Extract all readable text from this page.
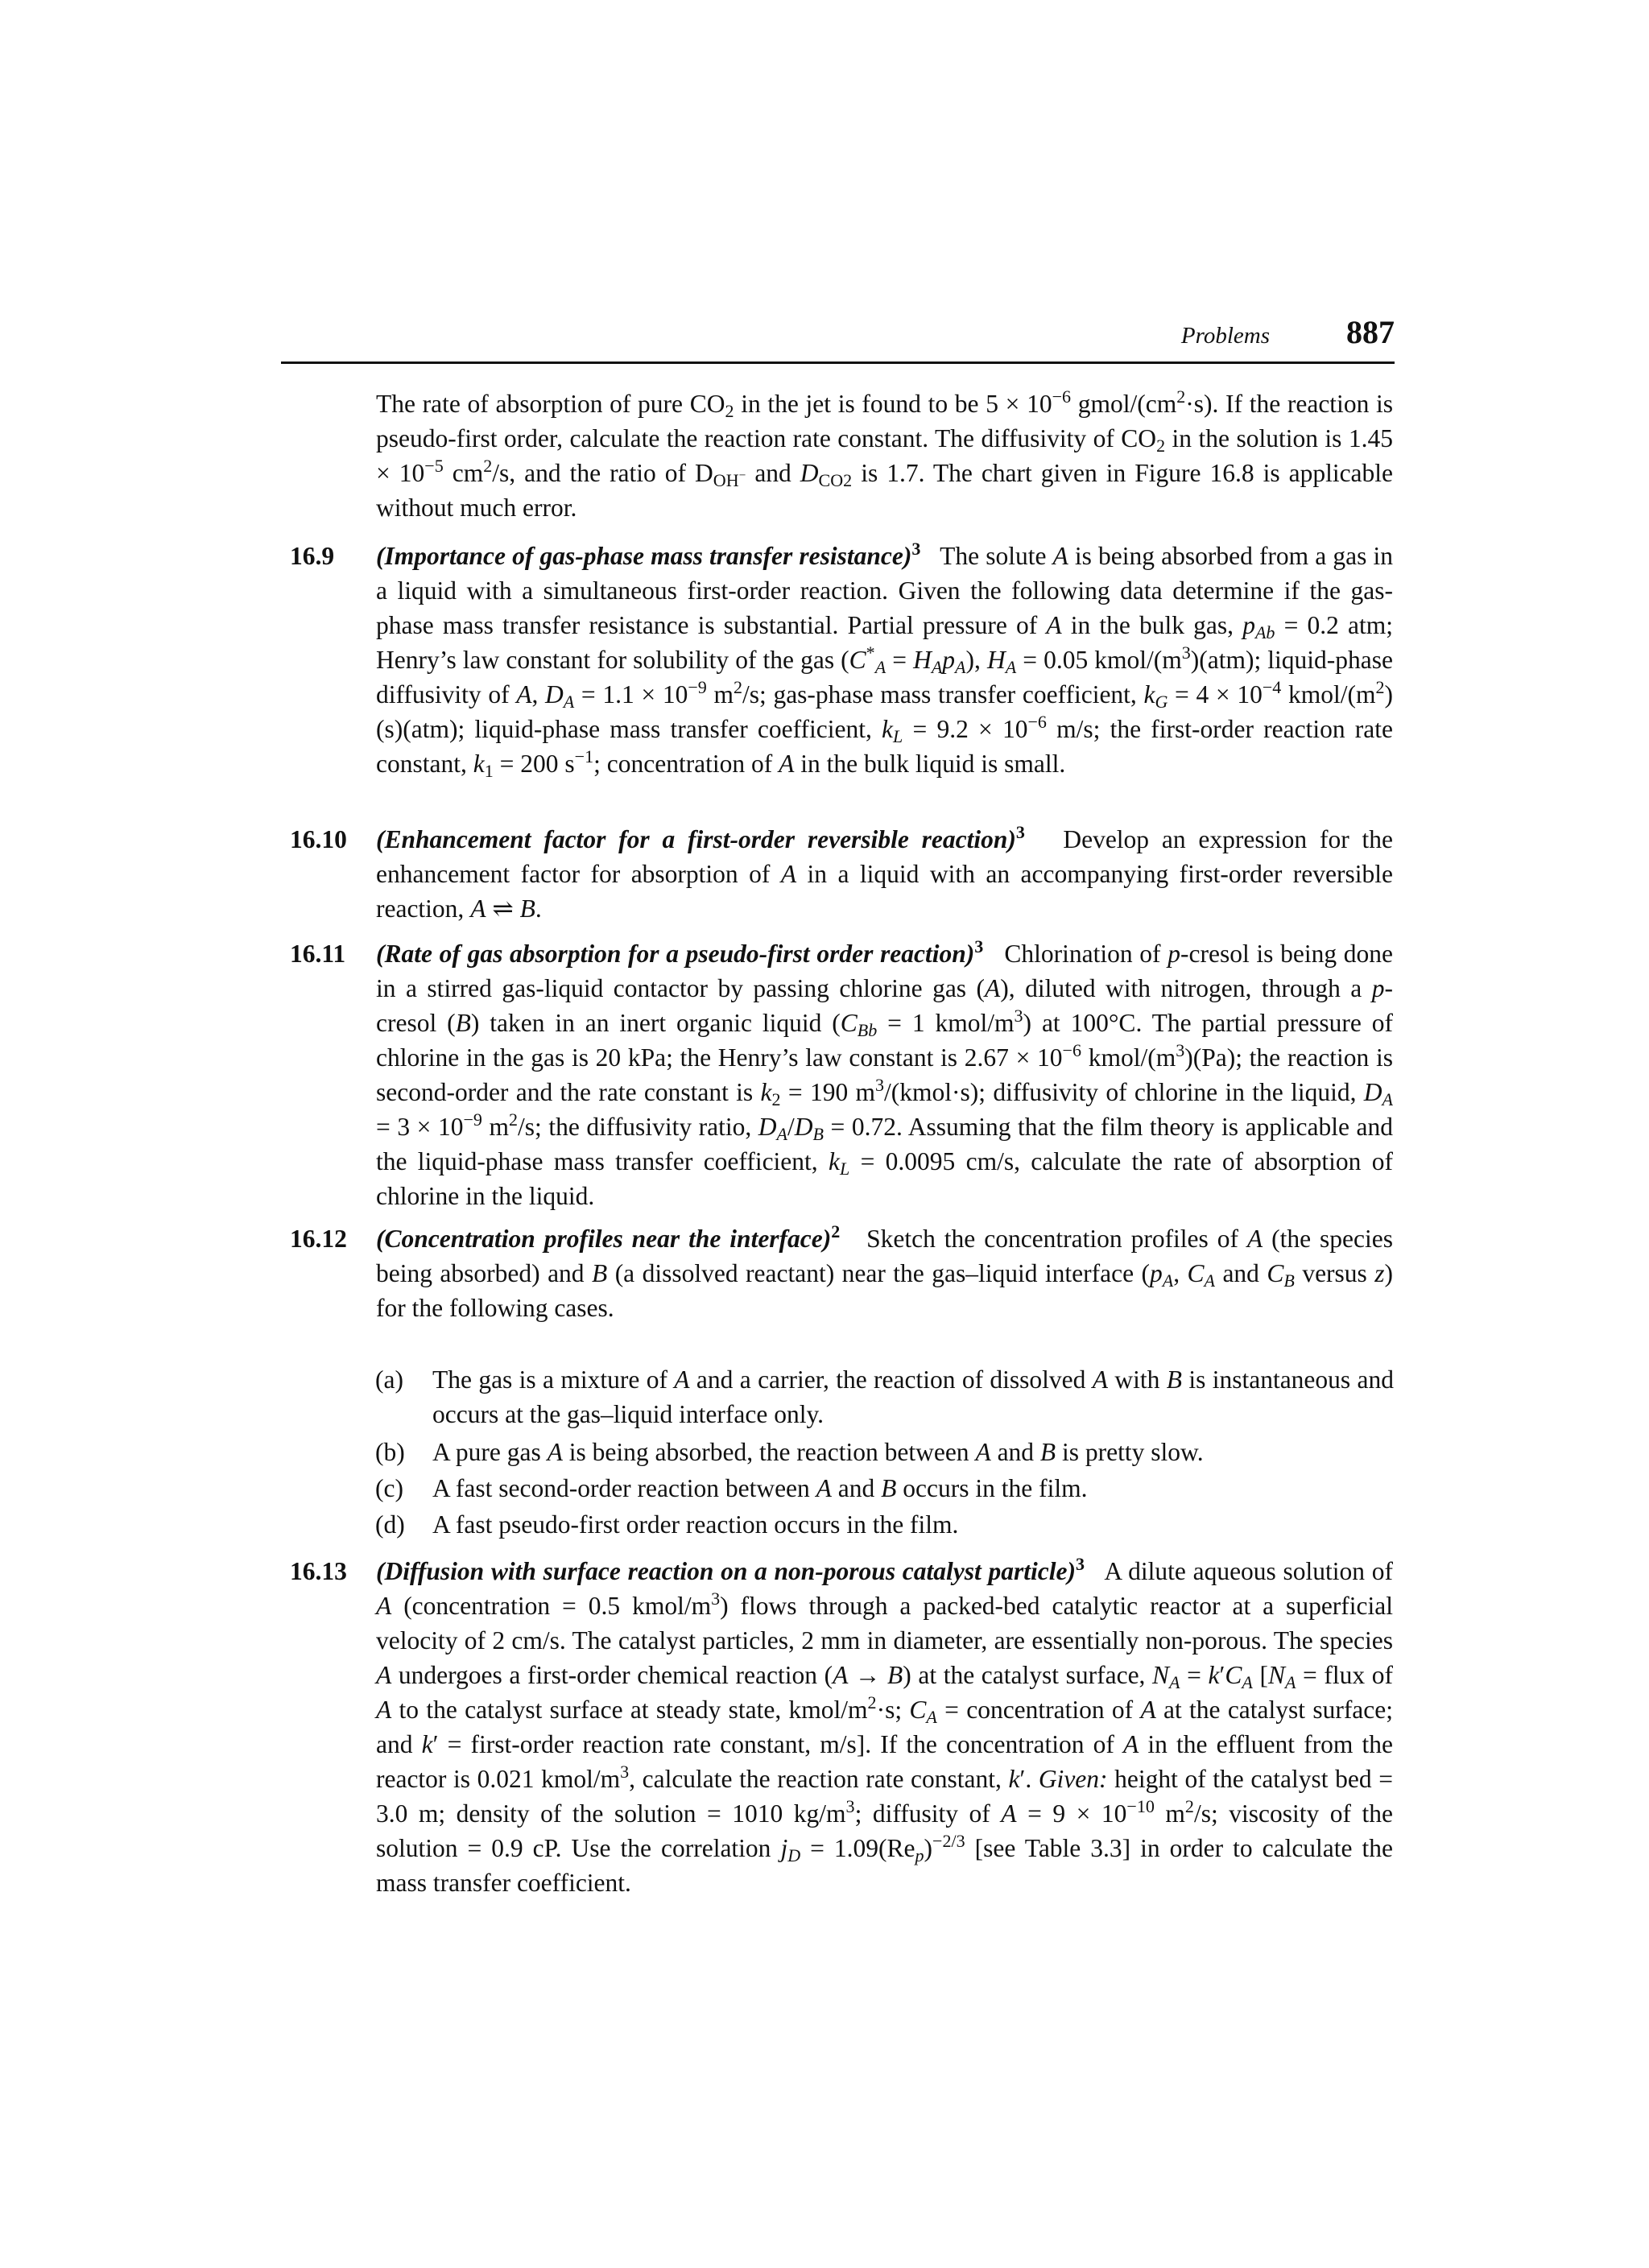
Problems 887
The rate of absorption of pure $CO_2$ in the jet is found to be $5 \times 10^{-6}$ gmol/$(cm^2\cdot s)$. If the reaction is pseudo-first order, calculate the reaction rate constant. The diffusivity of $CO_2$ in the solution is $1.45 \times 10^{-5}$ $cm^2/s$, and the ratio of $D_{OH^-}$ and $D_{CO2}$ is 1.7. The chart given in Figure 16.8 is applicable without much error.
16.9 (Importance of gas-phase mass transfer resistance)$^3$   The solute A is being absorbed from a gas in a liquid with a simultaneous first-order reaction. Given the following data determine if the gas-phase mass transfer resistance is substantial. Partial pressure of A in the bulk gas, $p_{Ab} = 0.2$ atm; Henry’s law constant for solubility of the gas $(C^*_A = H_Ap_A)$, $H_A = 0.05$ kmol/$(m^3)(atm)$; liquid-phase diffusivity of A, $D_A = 1.1 \times 10^{-9}$ $m^2/s$; gas-phase mass transfer coefficient, $k_G = 4 \times 10^{-4}$ kmol/$(m^2)(s)(atm)$; liquid-phase mass transfer coefficient, $k_L = 9.2 \times 10^{-6}$ m/s; the first-order reaction rate constant, $k_1 = 200$ $s^{-1}$; concentration of A in the bulk liquid is small.
16.10 (Enhancement factor for a first-order reversible reaction)$^3$   Develop an expression for the enhancement factor for absorption of A in a liquid with an accompanying first-order reversible reaction, A ⇌ B.
16.11 (Rate of gas absorption for a pseudo-first order reaction)$^3$   Chlorination of p-cresol is being done in a stirred gas-liquid contactor by passing chlorine gas (A), diluted with nitrogen, through a p-cresol (B) taken in an inert organic liquid ($C_{Bb} = 1$ kmol/$m^3$) at 100°C. The partial pressure of chlorine in the gas is 20 kPa; the Henry’s law constant is $2.67 \times 10^{-6}$ kmol/$(m^3)(Pa)$; the reaction is second-order and the rate constant is $k_2 = 190$ $m^3/(kmol\cdot s)$; diffusivity of chlorine in the liquid, $D_A = 3 \times 10^{-9}$ $m^2/s$; the diffusivity ratio, $D_A/D_B = 0.72$. Assuming that the film theory is applicable and the liquid-phase mass transfer coefficient, $k_L = 0.0095$ cm/s, calculate the rate of absorption of chlorine in the liquid.
16.12 (Concentration profiles near the interface)$^2$   Sketch the concentration profiles of A (the species being absorbed) and B (a dissolved reactant) near the gas–liquid interface ($p_A$, $C_A$ and $C_B$ versus z) for the following cases.
(a) The gas is a mixture of A and a carrier, the reaction of dissolved A with B is instantaneous and occurs at the gas–liquid interface only.
(b) A pure gas A is being absorbed, the reaction between A and B is pretty slow.
(c) A fast second-order reaction between A and B occurs in the film.
(d) A fast pseudo-first order reaction occurs in the film.
16.13 (Diffusion with surface reaction on a non-porous catalyst particle)$^3$   A dilute aqueous solution of A (concentration = 0.5 kmol/$m^3$) flows through a packed-bed catalytic reactor at a superficial velocity of 2 cm/s. The catalyst particles, 2 mm in diameter, are essentially non-porous. The species A undergoes a first-order chemical reaction (A → B) at the catalyst surface, $N_A = k'C_A$ [$N_A$ = flux of A to the catalyst surface at steady state, kmol/$m^2\cdot s$; $C_A$ = concentration of A at the catalyst surface; and k′ = first-order reaction rate constant, m/s]. If the concentration of A in the effluent from the reactor is 0.021 kmol/$m^3$, calculate the reaction rate constant, k′. Given: height of the catalyst bed = 3.0 m; density of the solution = 1010 $kg/m^3$; diffusity of $A = 9 \times 10^{-10}$ $m^2/s$; viscosity of the solution = 0.9 cP. Use the correlation $j_D = 1.09(Re_p)^{-2/3}$ [see Table 3.3] in order to calculate the mass transfer coefficient.
